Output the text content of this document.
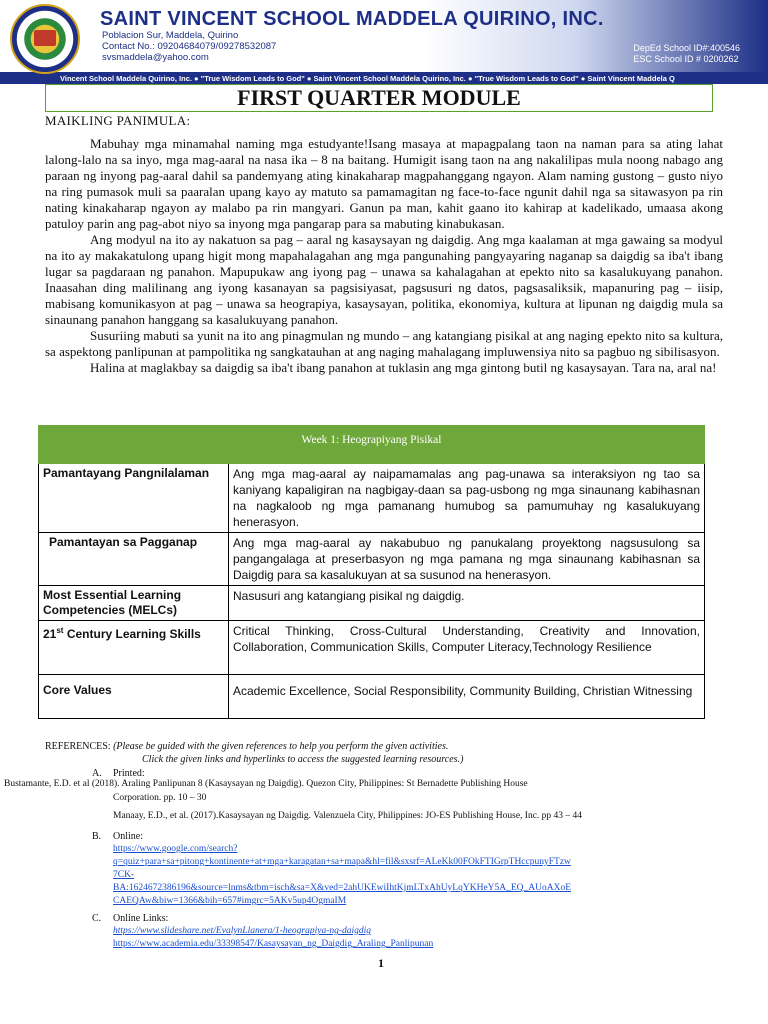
SAINT VINCENT SCHOOL MADDELA QUIRINO, INC.
Poblacion Sur, Maddela, Quirino
Contact No.: 09204684079/09278532087
svsmaddela@yahoo.com
DepEd School ID#:400546
ESC School ID # 0200262
Vincent School Maddela Quirino, Inc. ● "True Wisdom Leads to God" ● Saint Vincent School Maddela Quirino, Inc. ● "True Wisdom Leads to God" ● Saint Vincent Maddela Q
FIRST QUARTER MODULE
MAIKLING PANIMULA:

Mabuhay mga minamahal naming mga estudyante!Isang masaya at mapagpalang taon na naman para sa ating lahat lalong-lalo na sa inyo, mga mag-aaral na nasa ika – 8 na baitang. Humigit isang taon na ang nakalilipas mula noong nabago ang paraan ng inyong pag-aaral dahil sa pandemyang ating kinakaharap magpahanggang ngayon. Alam naming gustong – gusto niyo na ring pumasok muli sa paaralan upang kayo ay matuto sa pamamagitan ng face-to-face ngunit dahil nga sa sitawasyon pa rin nating kinakaharap ngayon ay malabo pa rin mangyari. Ganun pa man, kahit gaano ito kahirap at kadelikado, umaasa akong patuloy parin ang pag-abot niyo sa inyong mga pangarap para sa mabuting kinabukasan.

Ang modyul na ito ay nakatuon sa pag – aaral ng kasaysayan ng daigdig. Ang mga kaalaman at mga gawaing sa modyul na ito ay makakatulong upang higit mong mapahalagahan ang mga pangunahing pangyayaring naganap sa daigdig sa iba't ibang lugar sa pagdaraan ng panahon. Mapupukaw ang iyong pag – unawa sa kahalagahan at epekto nito sa kasalukuyang panahon. Inaasahan ding malilinang ang iyong kasanayan sa pagsisiyasat, pagsusuri ng datos, pagsasaliksik, mapanuring pag – iisip, mabisang komunikasyon at pag – unawa sa heograpiya, kasaysayan, politika, ekonomiya, kultura at lipunan ng daigdig mula sa sinaunang panahon hanggang sa kasalukuyang panahon.

Susuriing mabuti sa yunit na ito ang pinagmulan ng mundo – ang katangiang pisikal at ang naging epekto nito sa kultura, sa aspektong panlipunan at pampolitika ng sangkatauhan at ang naging mahalagang impluwensiya nito sa pagbuo ng sibilisasyon.

Halina at maglakbay sa daigdig sa iba't ibang panahon at tuklasin ang mga gintong butil ng kasaysayan. Tara na, aral na!

Week 1: Heograpiyang Pisikal	
Pamantayang Pangnilalaman	Ang mga mag-aaral ay naipamamalas ang pag-unawa sa interaksiyon ng tao sa kaniyang kapaligiran na nagbigay-daan sa pag-usbong ng mga sinaunang kabihasnan na nagkaloob ng mga pamanang humubog sa pamumuhay ng kasalukuyang henerasyon.
Pamantayan sa Pagganap	Ang mga mag-aaral ay nakabubuo ng panukalang proyektong nagsusulong sa pangangalaga at preserbasyon ng mga pamana ng mga sinaunang kabihasnan sa Daigdig para sa kasalukuyan at sa susunod na henerasyon.
Most Essential Learning Competencies (MELCs)	Nasusuri ang katangiang pisikal ng daigdig.
21st Century Learning Skills	Critical Thinking, Cross-Cultural Understanding, Creativity and Innovation, Collaboration, Communication Skills, Computer Literacy,Technology Resilience
Core Values	Academic Excellence, Social Responsibility, Community Building, Christian Witnessing
REFERENCES: (Please be guided with the given references to help you perform the given activities.
Click the given links and hyperlinks to access the suggested learning resources.)
A. Printed:
Bustamante, E.D. et al (2018). Araling Panlipunan 8 (Kasaysayan ng Daigdig). Quezon City, Philippines: St Bernadette Publishing House
Corporation. pp. 10 – 30
Manaay, E.D., et al. (2017).Kasaysayan ng Daigdig. Valenzuela City, Philippines: JO-ES Publishing House, Inc. pp 43 – 44
B. Online:
https://www.google.com/search?
q=quiz+para+sa+pitong+kontinente+at+mga+karagatan+sa+mapa&hl=fil&sxsrf=ALeKk00FOkFTIGrpTHccpunyFTzw
7CK-
BA:1624672386196&source=lnms&tbm=isch&sa=X&ved=2ahUKEwiIhtKjmLTxAhUyLqYKHeY5A_EQ_AUoAXoE
CAEQAw&biw=1366&bih=657#imgrc=5AKv5up4OgmaIM
C. Online Links:
https://www.slideshare.net/EvalynLlanera/1-heograpiya-ng-daigdig
https://www.academia.edu/33398547/Kasaysayan_ng_Daigdig_Araling_Panlipunan
1
